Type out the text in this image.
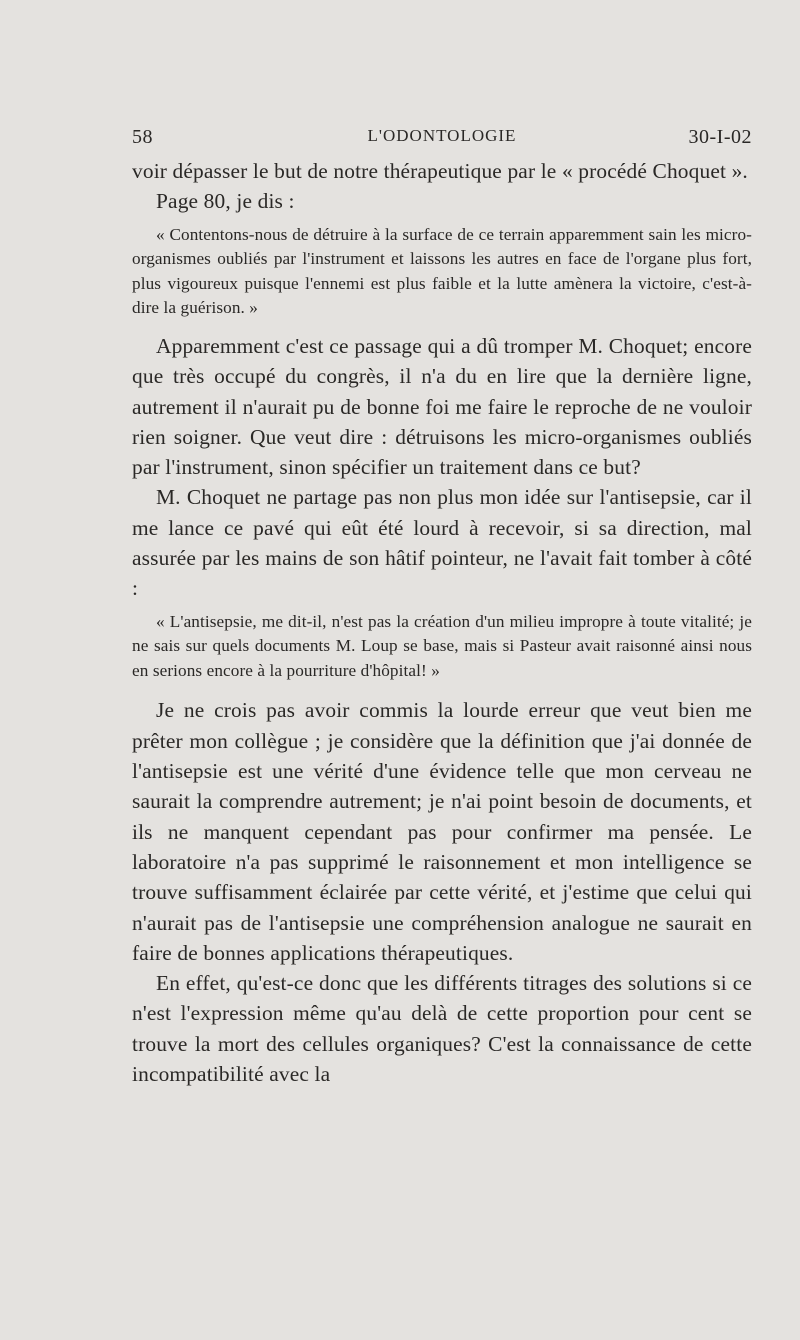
58	L'ODONTOLOGIE	30-I-02

voir dépasser le but de notre thérapeutique par le « procédé Choquet ».

Page 80, je dis :

« Contentons-nous de détruire à la surface de ce terrain apparemment sain les micro-organismes oubliés par l'instrument et laissons les autres en face de l'organe plus fort, plus vigoureux puisque l'ennemi est plus faible et la lutte amènera la victoire, c'est-à-dire la guérison. »

Apparemment c'est ce passage qui a dû tromper M. Choquet; encore que très occupé du congrès, il n'a du en lire que la dernière ligne, autrement il n'aurait pu de bonne foi me faire le reproche de ne vouloir rien soigner. Que veut dire : détruisons les micro-organismes oubliés par l'instrument, sinon spécifier un traitement dans ce but?

M. Choquet ne partage pas non plus mon idée sur l'antisepsie, car il me lance ce pavé qui eût été lourd à recevoir, si sa direction, mal assurée par les mains de son hâtif pointeur, ne l'avait fait tomber à côté :

« L'antisepsie, me dit-il, n'est pas la création d'un milieu impropre à toute vitalité; je ne sais sur quels documents M. Loup se base, mais si Pasteur avait raisonné ainsi nous en serions encore à la pourriture d'hôpital! »

Je ne crois pas avoir commis la lourde erreur que veut bien me prêter mon collègue ; je considère que la définition que j'ai donnée de l'antisepsie est une vérité d'une évidence telle que mon cerveau ne saurait la comprendre autrement; je n'ai point besoin de documents, et ils ne manquent cependant pas pour confirmer ma pensée. Le laboratoire n'a pas supprimé le raisonnement et mon intelligence se trouve suffisamment éclairée par cette vérité, et j'estime que celui qui n'aurait pas de l'antisepsie une compréhension analogue ne saurait en faire de bonnes applications thérapeutiques.

En effet, qu'est-ce donc que les différents titrages des solutions si ce n'est l'expression même qu'au delà de cette proportion pour cent se trouve la mort des cellules organiques? C'est la connaissance de cette incompatibilité avec la
